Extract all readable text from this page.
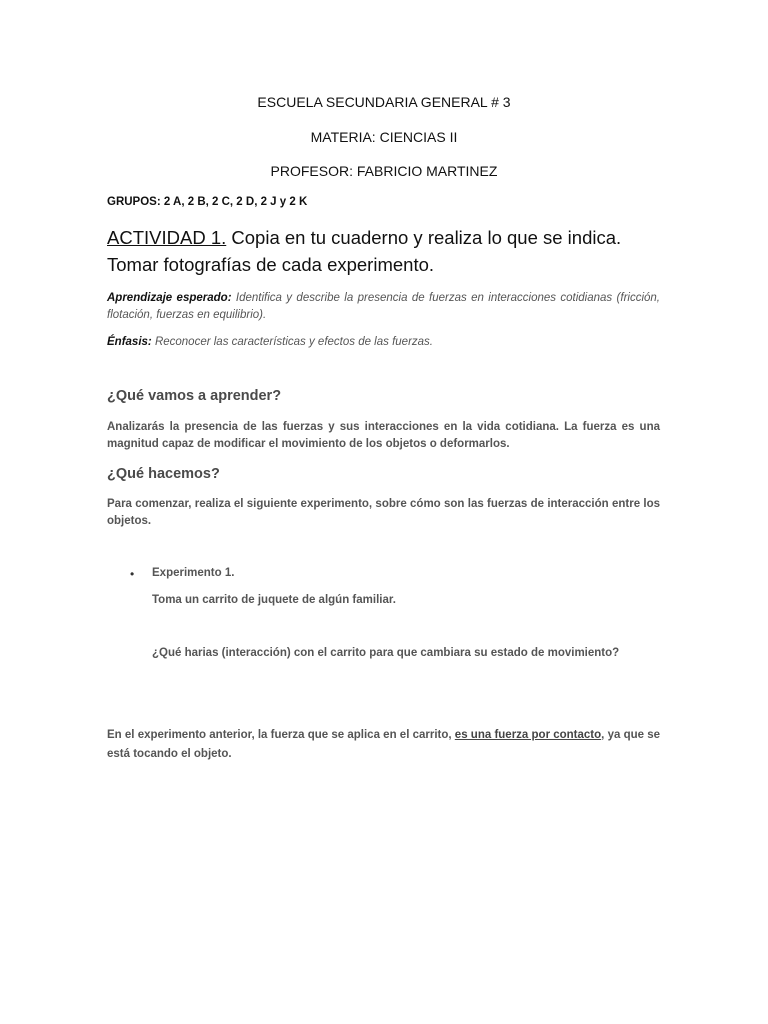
ESCUELA SECUNDARIA GENERAL # 3
MATERIA: CIENCIAS II
PROFESOR: FABRICIO MARTINEZ
GRUPOS: 2 A, 2 B, 2 C, 2 D, 2 J y 2 K
ACTIVIDAD 1. Copia en tu cuaderno y realiza lo que se indica. Tomar fotografías de cada experimento.
Aprendizaje esperado: Identifica y describe la presencia de fuerzas en interacciones cotidianas (fricción, flotación, fuerzas en equilibrio).
Énfasis: Reconocer las características y efectos de las fuerzas.
¿Qué vamos a aprender?
Analizarás la presencia de las fuerzas y sus interacciones en la vida cotidiana. La fuerza es una magnitud capaz de modificar el movimiento de los objetos o deformarlos.
¿Qué hacemos?
Para comenzar, realiza el siguiente experimento, sobre cómo son las fuerzas de interacción entre los objetos.
• Experimento 1.
Toma un carrito de juquete de algún familiar.
¿Qué harias (interacción) con el carrito para que cambiara su estado de movimiento?
En el experimento anterior, la fuerza que se aplica en el carrito, es una fuerza por contacto, ya que se está tocando el objeto.
